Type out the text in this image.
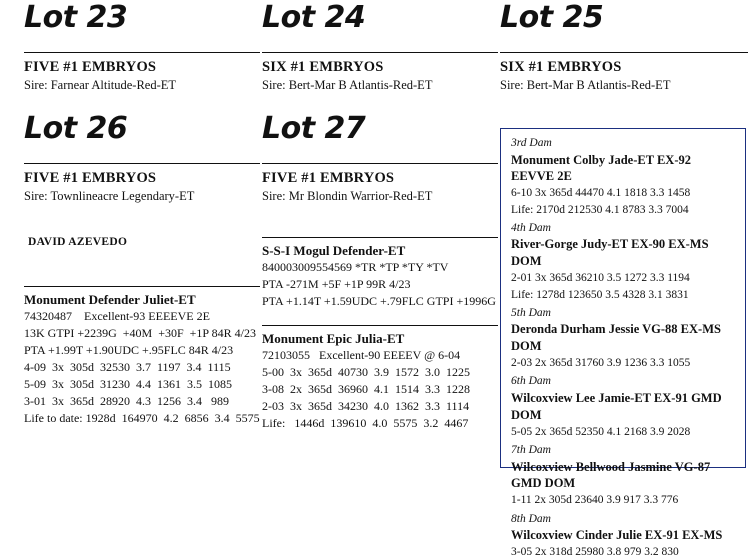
Lot 23
FIVE #1 EMBRYOS
Sire: Farnear Altitude-Red-ET
Lot 26
FIVE #1 EMBRYOS
Sire: Townlineacre Legendary-ET
DAVID AZEVEDO
Monument Defender Juliet-ET
74320487    Excellent-93 EEEEVE 2E
13K GTPI +2239G  +40M  +30F  +1P 84R 4/23
PTA +1.99T +1.90UDC +.95FLC 84R 4/23
4-09  3x  305d  32530  3.7  1197  3.4  1115
5-09  3x  305d  31230  4.4  1361  3.5  1085
3-01  3x  365d  28920  4.3  1256  3.4   989
Life to date: 1928d  164970  4.2  6856  3.4  5575
Lot 24
SIX #1 EMBRYOS
Sire: Bert-Mar B Atlantis-Red-ET
Lot 27
FIVE #1 EMBRYOS
Sire: Mr Blondin Warrior-Red-ET
S-S-I Mogul Defender-ET
840003009554569 *TR *TP *TY *TV
PTA -271M +5F +1P 99R 4/23
PTA +1.14T +1.59UDC +.79FLC GTPI +1996G
Monument Epic Julia-ET
72103055   Excellent-90 EEEEV @ 6-04
5-00  3x  365d  40730  3.9  1572  3.0  1225
3-08  2x  365d  36960  4.1  1514  3.3  1228
2-03  3x  365d  34230  4.0  1362  3.3  1114
Life:   1446d  139610  4.0  5575  3.2  4467
Lot 25
SIX #1 EMBRYOS
Sire: Bert-Mar B Atlantis-Red-ET
3rd Dam
Monument Colby Jade-ET EX-92 EEVVE 2E
6-10 3x 365d 44470 4.1 1818 3.3 1458
Life: 2170d 212530 4.1 8783 3.3 7004
4th Dam
River-Gorge Judy-ET EX-90 EX-MS DOM
2-01 3x 365d 36210 3.5 1272 3.3 1194
Life: 1278d 123650 3.5 4328 3.1 3831
5th Dam
Deronda Durham Jessie VG-88 EX-MS DOM
2-03 2x 365d 31760 3.9 1236 3.3 1055
6th Dam
Wilcoxview Lee Jamie-ET EX-91 GMD DOM
5-05 2x 365d 52350 4.1 2168 3.9 2028
7th Dam
Wilcoxview Bellwood Jasmine VG-87 GMD DOM
1-11 2x 305d 23640 3.9 917 3.3 776
8th Dam
Wilcoxview Cinder Julie EX-91 EX-MS
3-05 2x 318d 25980 3.8 979 3.2 830
